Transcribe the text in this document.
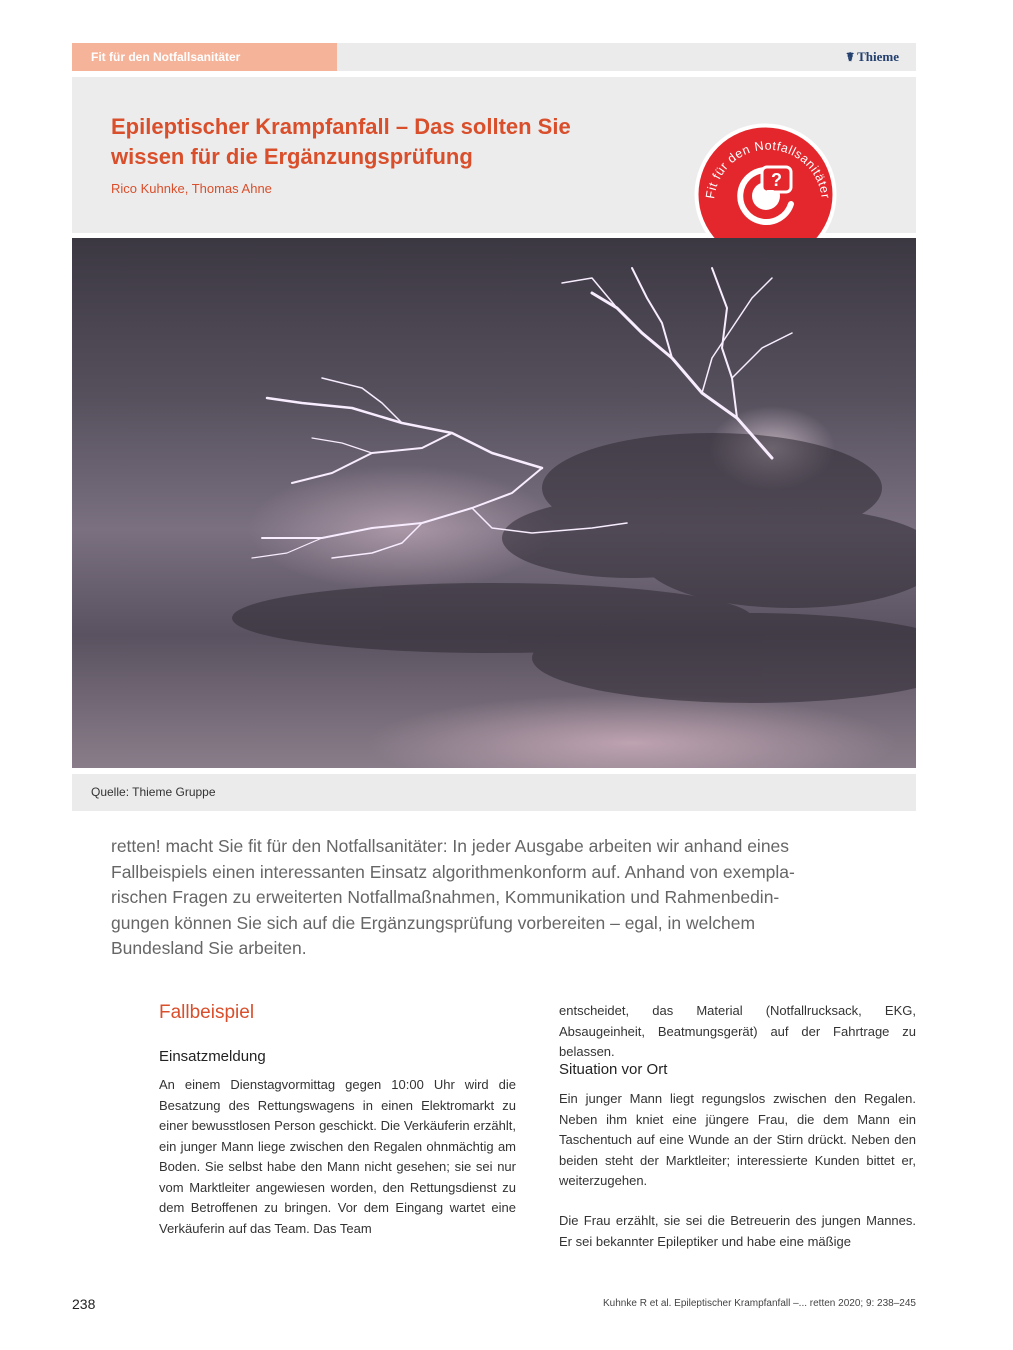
Fit für den Notfallsanitäter	☤ Thieme
Epileptischer Krampfanfall – Das sollten Sie
wissen für die Ergänzungsprüfung
Rico Kuhnke, Thomas Ahne	Fit für den Notfallsanitäter
?
Quelle: Thieme Gruppe

retten! macht Sie fit für den Notfallsanitäter: In jeder Ausgabe arbeiten wir anhand eines
Fallbeispiels einen interessanten Einsatz algorithmenkonform auf. Anhand von exempla-
rischen Fragen zu erweiterten Notfallmaßnahmen, Kommunikation und Rahmenbedin-
gungen können Sie sich auf die Ergänzungsprüfung vorbereiten – egal, in welchem
Bundesland Sie arbeiten.

Fallbeispiel
Einsatzmeldung

An einem Dienstagvormittag gegen 10:00 Uhr wird die Besatzung des Rettungswagens in einen Elektromarkt zu einer bewusstlosen Person geschickt. Die Verkäuferin erzählt, ein junger Mann liege zwischen den Regalen ohnmächtig am Boden. Sie selbst habe den Mann nicht gesehen; sie sei nur vom Marktleiter angewiesen worden, den Rettungsdienst zu dem Betroffenen zu bringen. Vor dem Eingang wartet eine Verkäuferin auf das Team. Das Team

entscheidet, das Material (Notfallrucksack, EKG, Absaugeinheit, Beatmungsgerät) auf der Fahrtrage zu belassen.

Situation vor Ort

Ein junger Mann liegt regungslos zwischen den Regalen. Neben ihm kniet eine jüngere Frau, die dem Mann ein Taschentuch auf eine Wunde an der Stirn drückt. Neben den beiden steht der Marktleiter; interessierte Kunden bittet er, weiterzugehen.

Die Frau erzählt, sie sei die Betreuerin des jungen Mannes. Er sei bekannter Epileptiker und habe eine mäßige

238	Kuhnke R et al. Epileptischer Krampfanfall –... retten 2020; 9: 238–245
